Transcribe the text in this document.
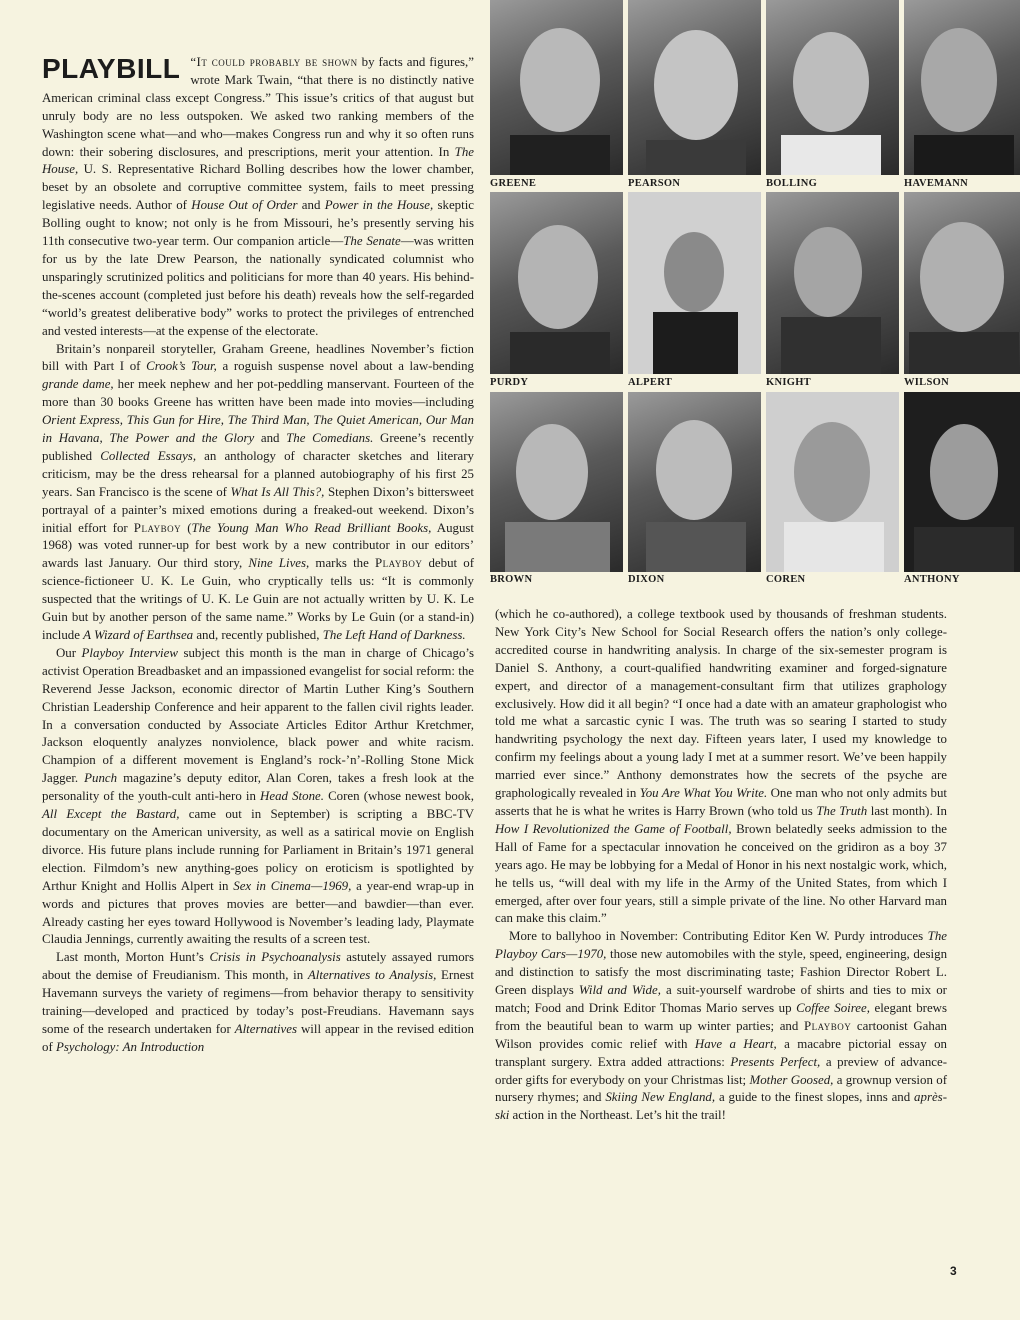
PLAYBILL “It could probably be shown by facts and figures,” wrote Mark Twain, “that there is no distinctly native American criminal class except Congress.” This issue’s critics of that august but unruly body are no less outspoken. We asked two ranking members of the Washington scene what—and who—makes Congress run and why it so often runs down: their sobering disclosures, and prescriptions, merit your attention. In The House, U. S. Representative Richard Bolling describes how the lower chamber, beset by an obsolete and corruptive committee system, fails to meet pressing legislative needs. Author of House Out of Order and Power in the House, skeptic Bolling ought to know; not only is he from Missouri, he’s presently serving his 11th consecutive two-year term. Our companion article—The Senate—was written for us by the late Drew Pearson, the nationally syndicated columnist who unsparingly scrutinized politics and politicians for more than 40 years. His behind-the-scenes account (completed just before his death) reveals how the self-regarded “world’s greatest deliberative body” works to protect the privileges of entrenched and vested interests—at the expense of the electorate.

Britain’s nonpareil storyteller, Graham Greene, headlines November’s fiction bill with Part I of Crook’s Tour, a roguish suspense novel about a law-bending grande dame, her meek nephew and her pot-peddling manservant. Fourteen of the more than 30 books Greene has written have been made into movies—including Orient Express, This Gun for Hire, The Third Man, The Quiet American, Our Man in Havana, The Power and the Glory and The Comedians. Greene’s recently published Collected Essays, an anthology of character sketches and literary criticism, may be the dress rehearsal for a planned autobiography of his first 25 years. San Francisco is the scene of What Is All This?, Stephen Dixon’s bittersweet portrayal of a painter’s mixed emotions during a freaked-out weekend. Dixon’s initial effort for Playboy (The Young Man Who Read Brilliant Books, August 1968) was voted runner-up for best work by a new contributor in our editors’ awards last January. Our third story, Nine Lives, marks the Playboy debut of science-fictioneer U. K. Le Guin, who cryptically tells us: “It is commonly suspected that the writings of U. K. Le Guin are not actually written by U. K. Le Guin but by another person of the same name.” Works by Le Guin (or a stand-in) include A Wizard of Earthsea and, recently published, The Left Hand of Darkness.

Our Playboy Interview subject this month is the man in charge of Chicago’s activist Operation Breadbasket and an impassioned evangelist for social reform: the Reverend Jesse Jackson, economic director of Martin Luther King’s Southern Christian Leadership Conference and heir apparent to the fallen civil rights leader. In a conversation conducted by Associate Articles Editor Arthur Kretchmer, Jackson eloquently analyzes nonviolence, black power and white racism. Champion of a different movement is England’s rock-’n’-Rolling Stone Mick Jagger. Punch magazine’s deputy editor, Alan Coren, takes a fresh look at the personality of the youth-cult anti-hero in Head Stone. Coren (whose newest book, All Except the Bastard, came out in September) is scripting a BBC-TV documentary on the American university, as well as a satirical movie on English divorce. His future plans include running for Parliament in Britain’s 1971 general election. Filmdom’s new anything-goes policy on eroticism is spotlighted by Arthur Knight and Hollis Alpert in Sex in Cinema—1969, a year-end wrap-up in words and pictures that proves movies are better—and bawdier—than ever. Already casting her eyes toward Hollywood is November’s leading lady, Playmate Claudia Jennings, currently awaiting the results of a screen test.

Last month, Morton Hunt’s Crisis in Psychoanalysis astutely assayed rumors about the demise of Freudianism. This month, in Alternatives to Analysis, Ernest Havemann surveys the variety of regimens—from behavior therapy to sensitivity training—developed and practiced by today’s post-Freudians. Havemann says some of the research undertaken for Alternatives will appear in the revised edition of Psychology: An Introduction

GREENE	PEARSON	BOLLING	HAVEMANN
PURDY	ALPERT	KNIGHT	WILSON
BROWN	DIXON	COREN	ANTHONY

(which he co-authored), a college textbook used by thousands of freshman students. New York City’s New School for Social Research offers the nation’s only college-accredited course in handwriting analysis. In charge of the six-semester program is Daniel S. Anthony, a court-qualified handwriting examiner and forged-signature expert, and director of a management-consultant firm that utilizes graphology exclusively. How did it all begin? “I once had a date with an amateur graphologist who told me what a sarcastic cynic I was. The truth was so searing I started to study handwriting psychology the next day. Fifteen years later, I used my knowledge to confirm my feelings about a young lady I met at a summer resort. We’ve been happily married ever since.” Anthony demonstrates how the secrets of the psyche are graphologically revealed in You Are What You Write. One man who not only admits but asserts that he is what he writes is Harry Brown (who told us The Truth last month). In How I Revolutionized the Game of Football, Brown belatedly seeks admission to the Hall of Fame for a spectacular innovation he conceived on the gridiron as a boy 37 years ago. He may be lobbying for a Medal of Honor in his next nostalgic work, which, he tells us, “will deal with my life in the Army of the United States, from which I emerged, after over four years, still a simple private of the line. No other Harvard man can make this claim.”

More to ballyhoo in November: Contributing Editor Ken W. Purdy introduces The Playboy Cars—1970, those new automobiles with the style, speed, engineering, design and distinction to satisfy the most discriminating taste; Fashion Director Robert L. Green displays Wild and Wide, a suit-yourself wardrobe of shirts and ties to mix or match; Food and Drink Editor Thomas Mario serves up Coffee Soiree, elegant brews from the beautiful bean to warm up winter parties; and Playboy cartoonist Gahan Wilson provides comic relief with Have a Heart, a macabre pictorial essay on transplant surgery. Extra added attractions: Presents Perfect, a preview of advance-order gifts for everybody on your Christmas list; Mother Goosed, a grownup version of nursery rhymes; and Skiing New England, a guide to the finest slopes, inns and après-ski action in the Northeast. Let’s hit the trail!

3
